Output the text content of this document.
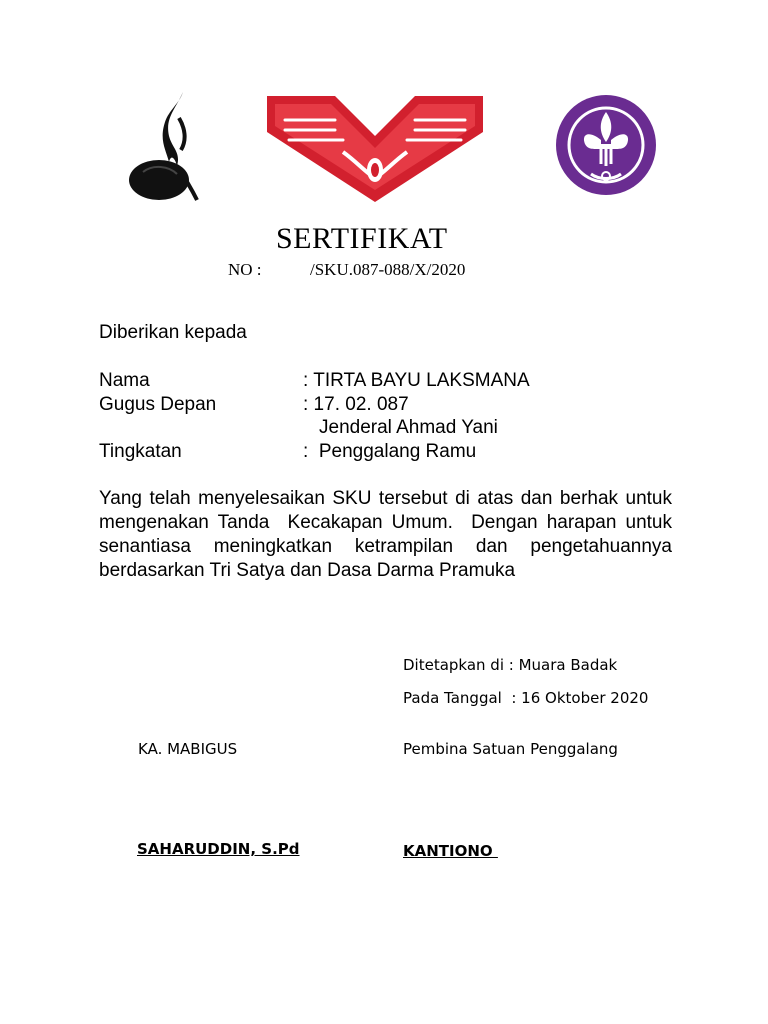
SERTIFIKAT
NO :	/SKU.087-088/X/2020
Diberikan kepada
Nama	: TIRTA BAYU LAKSMANA
Gugus Depan	: 17. 02. 087
Jenderal Ahmad Yani
Tingkatan	:  Penggalang Ramu
Yang telah menyelesaikan SKU tersebut di atas dan berhak untuk mengenakan Tanda  Kecakapan Umum.  Dengan harapan untuk senantiasa meningkatkan ketrampilan dan pengetahuannya berdasarkan Tri Satya dan Dasa Darma Pramuka
Ditetapkan di : Muara Badak
Pada Tanggal  : 16 Oktober 2020
KA. MABIGUS	Pembina Satuan Penggalang
SAHARUDDIN, S.Pd	KANTIONO
